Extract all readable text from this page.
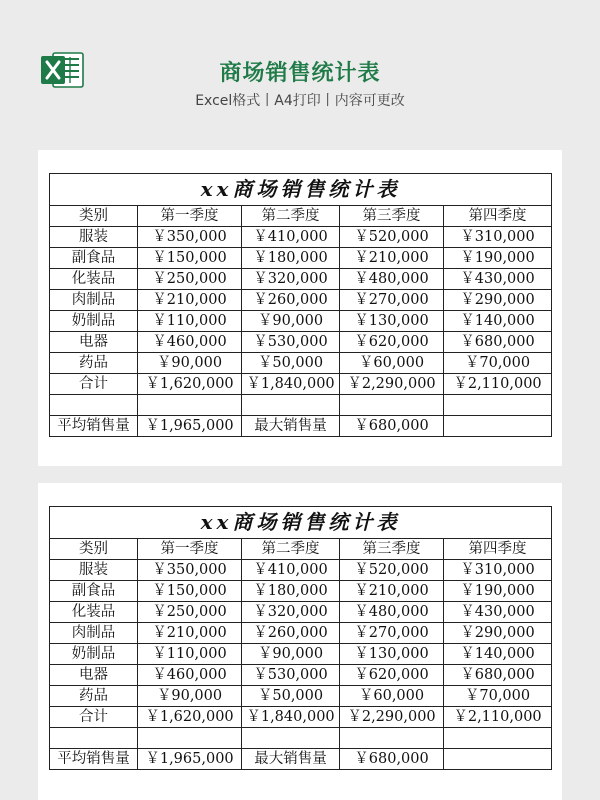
商场销售统计表
Excel格式丨A4打印丨内容可更改
xx商场销售统计表				
类别	第一季度	第二季度	第三季度	第四季度
服装	￥350,000	￥410,000	￥520,000	￥310,000
副食品	￥150,000	￥180,000	￥210,000	￥190,000
化装品	￥250,000	￥320,000	￥480,000	￥430,000
肉制品	￥210,000	￥260,000	￥270,000	￥290,000
奶制品	￥110,000	￥90,000	￥130,000	￥140,000
电器	￥460,000	￥530,000	￥620,000	￥680,000
药品	￥90,000	￥50,000	￥60,000	￥70,000
合计	￥1,620,000	￥1,840,000	￥2,290,000	￥2,110,000

平均销售量	￥1,965,000	最大销售量	￥680,000	
xx商场销售统计表				
类别	第一季度	第二季度	第三季度	第四季度
服装	￥350,000	￥410,000	￥520,000	￥310,000
副食品	￥150,000	￥180,000	￥210,000	￥190,000
化装品	￥250,000	￥320,000	￥480,000	￥430,000
肉制品	￥210,000	￥260,000	￥270,000	￥290,000
奶制品	￥110,000	￥90,000	￥130,000	￥140,000
电器	￥460,000	￥530,000	￥620,000	￥680,000
药品	￥90,000	￥50,000	￥60,000	￥70,000
合计	￥1,620,000	￥1,840,000	￥2,290,000	￥2,110,000

平均销售量	￥1,965,000	最大销售量	￥680,000	
